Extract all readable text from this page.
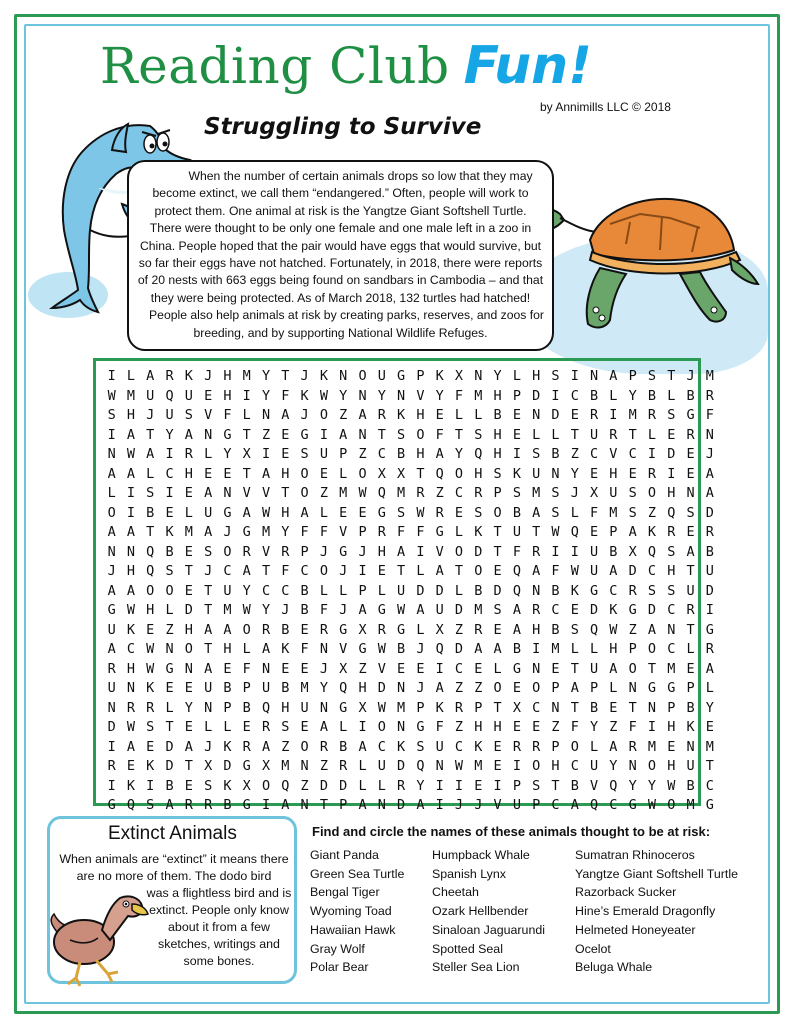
Reading Club Fun!
by Annimills LLC © 2018
Struggling to Survive

When the number of certain animals drops so low that they may become extinct, we call them “endangered.” Often, people will work to protect them. One animal at risk is the Yangtze Giant Softshell Turtle. There were thought to be only one female and one male left in a zoo in China. People hoped that the pair would have eggs that would survive, but so far their eggs have not hatched. Fortunately, in 2018, there were reports of 20 nests with 663 eggs being found on sandbars in Cambodia – and that they were being protected. As of March 2018, 132 turtles had hatched!

People also help animals at risk by creating parks, reserves, and zoos for breeding, and by supporting National Wildlife Refuges.

I L A R K J H M Y T J K N O U G P K X N Y L H S I N A P S T J M
W M U Q U E H I Y F K W Y N Y N V Y F M H P D I C B L Y B L B R
S H J U S V F L N A J O Z A R K H E L L B E N D E R I M R S G F
I A T Y A N G T Z E G I A N T S O F T S H E L L T U R T L E R N
N W A I R L Y X I E S U P Z C B H A Y Q H I S B Z C V C I D E J
A A L C H E E T A H O E L O X X T Q O H S K U N Y E H E R I E A
L I S I E A N V V T O Z M W Q M R Z C R P S M S J X U S O H N A
O I B E L U G A W H A L E E G S W R E S O B A S L F M S Z Q S D
A A T K M A J G M Y F F V P R F F G L K T U T W Q E P A K R E R
N N Q B E S O R V R P J G J H A I V O D T F R I I U B X Q S A B
J H Q S T J C A T F C O J I E T L A T O E Q A F W U A D C H T U
A A O O E T U Y C C B L L P L U D D L B D Q N B K G C R S S U D
G W H L D T M W Y J B F J A G W A U D M S A R C E D K G D C R I
U K E Z H A A O R B E R G X R G L X Z R E A H B S Q W Z A N T G
A C W N O T H L A K F N V G W B J Q D A A B I M L L H P O C L R
R H W G N A E F N E E J X Z V E E I C E L G N E T U A O T M E A
U N K E E U B P U B M Y Q H D N J A Z Z O E O P A P L N G G P L
N R R L Y N P B Q H U N G X W M P K R P T X C N T B E T N P B Y
D W S T E L L E R S E A L I O N G F Z H H E E Z F Y Z F I H K E
I A E D A J K R A Z O R B A C K S U C K E R R P O L A R M E N M
R E K D T X D G X M N Z R L U D Q N W M E I O H C U Y N O H U T
I K I B E S K X O Q Z D D L L R Y I I E I P S T B V Q Y Y W B C
G Q S A R R B G I A N T P A N D A I J J V U P C A Q C G W O M G
Extinct Animals
When animals are “extinct” it means there are no more of them. The dodo bird
was a flightless bird and is extinct. People only know about it from a few sketches, writings and some bones.
Find and circle the names of these animals thought to be at risk:
Giant Panda
Green Sea Turtle
Bengal Tiger
Wyoming Toad
Hawaiian Hawk
Gray Wolf
Polar Bear
Humpback Whale
Spanish Lynx
Cheetah
Ozark Hellbender
Sinaloan Jaguarundi
Spotted Seal
Steller Sea Lion
Sumatran Rhinoceros
Yangtze Giant Softshell Turtle
Razorback Sucker
Hine’s Emerald Dragonfly
Helmeted Honeyeater
Ocelot
Beluga Whale
